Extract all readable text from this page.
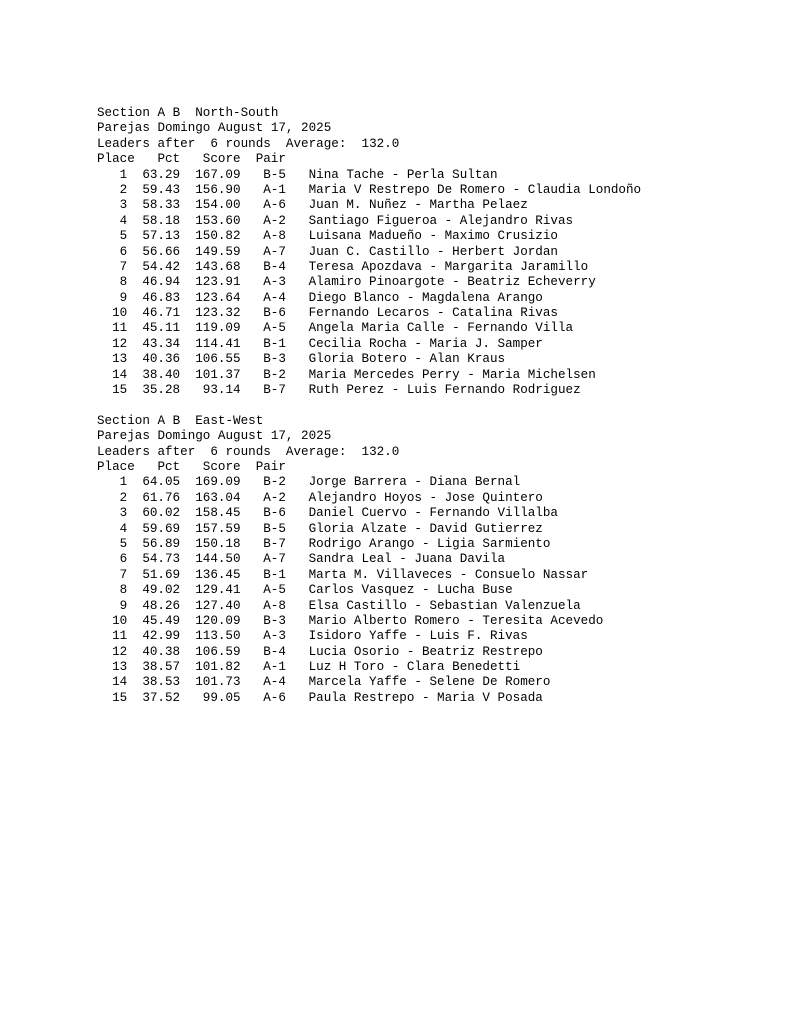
Section A B  North-South
Parejas Domingo August 17, 2025
Leaders after  6 rounds  Average:  132.0
Place	Pct	Score	Pair
1	63.29	167.09	B-5	Nina Tache - Perla Sultan
2	59.43	156.90	A-1	Maria V Restrepo De Romero - Claudia Londoño
3	58.33	154.00	A-6	Juan M. Nuñez - Martha Pelaez
4	58.18	153.60	A-2	Santiago Figueroa - Alejandro Rivas
5	57.13	150.82	A-8	Luisana Madueño - Maximo Crusizio
6	56.66	149.59	A-7	Juan C. Castillo - Herbert Jordan
7	54.42	143.68	B-4	Teresa Apozdava - Margarita Jaramillo
8	46.94	123.91	A-3	Alamiro Pinoargote - Beatriz Echeverry
9	46.83	123.64	A-4	Diego Blanco - Magdalena Arango
10	46.71	123.32	B-6	Fernando Lecaros - Catalina Rivas
11	45.11	119.09	A-5	Angela Maria Calle - Fernando Villa
12	43.34	114.41	B-1	Cecilia Rocha - Maria J. Samper
13	40.36	106.55	B-3	Gloria Botero - Alan Kraus
14	38.40	101.37	B-2	Maria Mercedes Perry - Maria Michelsen
15	35.28	93.14	B-7	Ruth Perez - Luis Fernando Rodriguez
Section A B  East-West
Parejas Domingo August 17, 2025
Leaders after  6 rounds  Average:  132.0
Place	Pct	Score	Pair
1	64.05	169.09	B-2	Jorge Barrera - Diana Bernal
2	61.76	163.04	A-2	Alejandro Hoyos - Jose Quintero
3	60.02	158.45	B-6	Daniel Cuervo - Fernando Villalba
4	59.69	157.59	B-5	Gloria Alzate - David Gutierrez
5	56.89	150.18	B-7	Rodrigo Arango - Ligia Sarmiento
6	54.73	144.50	A-7	Sandra Leal - Juana Davila
7	51.69	136.45	B-1	Marta M. Villaveces - Consuelo Nassar
8	49.02	129.41	A-5	Carlos Vasquez - Lucha Buse
9	48.26	127.40	A-8	Elsa Castillo - Sebastian Valenzuela
10	45.49	120.09	B-3	Mario Alberto Romero - Teresita Acevedo
11	42.99	113.50	A-3	Isidoro Yaffe - Luis F. Rivas
12	40.38	106.59	B-4	Lucia Osorio - Beatriz Restrepo
13	38.57	101.82	A-1	Luz H Toro - Clara Benedetti
14	38.53	101.73	A-4	Marcela Yaffe - Selene De Romero
15	37.52	99.05	A-6	Paula Restrepo - Maria V Posada
